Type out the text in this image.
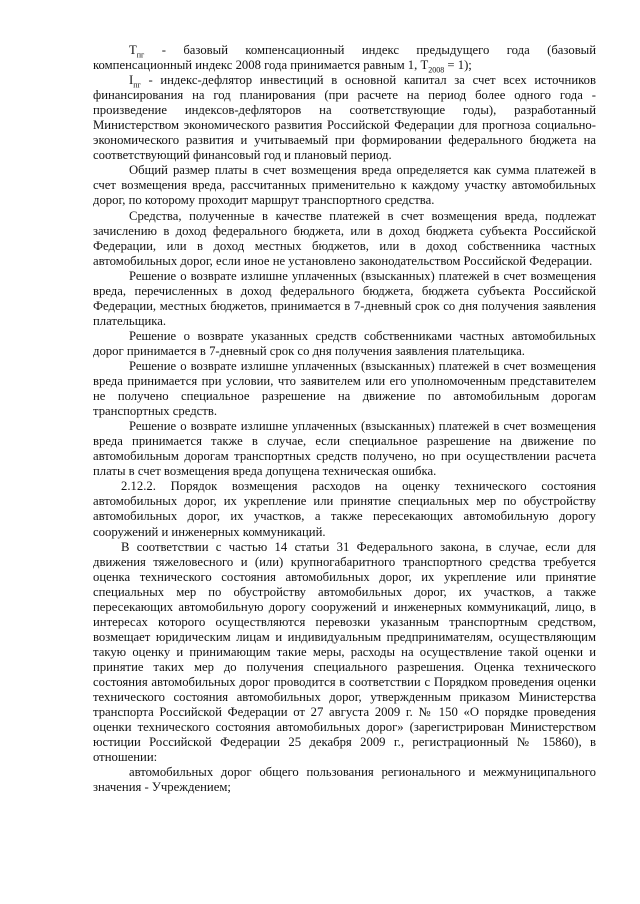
$Т_{пг}$ - базовый компенсационный индекс предыдущего года (базовый компенсационный индекс 2008 года принимается равным 1, $Т_{2008} = 1$);

$I_{пг}$ - индекс-дефлятор инвестиций в основной капитал за счет всех источников финансирования на год планирования (при расчете на период более одного года - произведение индексов-дефляторов на соответствующие годы), разработанный Министерством экономического развития Российской Федерации для прогноза социально-экономического развития и учитываемый при формировании федерального бюджета на соответствующий финансовый год и плановый период.

Общий размер платы в счет возмещения вреда определяется как сумма платежей в счет возмещения вреда, рассчитанных применительно к каждому участку автомобильных дорог, по которому проходит маршрут транспортного средства.

Средства, полученные в качестве платежей в счет возмещения вреда, подлежат зачислению в доход федерального бюджета, или в доход бюджета субъекта Российской Федерации, или в доход местных бюджетов, или в доход собственника частных автомобильных дорог, если иное не установлено законодательством Российской Федерации.

Решение о возврате излишне уплаченных (взысканных) платежей в счет возмещения вреда, перечисленных в доход федерального бюджета, бюджета субъекта Российской Федерации, местных бюджетов, принимается в 7-дневный срок со дня получения заявления плательщика.

Решение о возврате указанных средств собственниками частных автомобильных дорог принимается в 7-дневный срок со дня получения заявления плательщика.

Решение о возврате излишне уплаченных (взысканных) платежей в счет возмещения вреда принимается при условии, что заявителем или его уполномоченным представителем не получено специальное разрешение на движение по автомобильным дорогам транспортных средств.

Решение о возврате излишне уплаченных (взысканных) платежей в счет возмещения вреда принимается также в случае, если специальное разрешение на движение по автомобильным дорогам транспортных средств получено, но при осуществлении расчета платы в счет возмещения вреда допущена техническая ошибка.

2.12.2. Порядок возмещения расходов на оценку технического состояния автомобильных дорог, их укрепление или принятие специальных мер по обустройству автомобильных дорог, их участков, а также пересекающих автомобильную дорогу сооружений и инженерных коммуникаций.

В соответствии с частью 14 статьи 31 Федерального закона, в случае, если для движения тяжеловесного и (или) крупногабаритного транспортного средства требуется оценка технического состояния автомобильных дорог, их укрепление или принятие специальных мер по обустройству автомобильных дорог, их участков, а также пересекающих автомобильную дорогу сооружений и инженерных коммуникаций, лицо, в интересах которого осуществляются перевозки указанным транспортным средством, возмещает юридическим лицам и индивидуальным предпринимателям, осуществляющим такую оценку и принимающим такие меры, расходы на осуществление такой оценки и принятие таких мер до получения специального разрешения. Оценка технического состояния автомобильных дорог проводится в соответствии с Порядком проведения оценки технического состояния автомобильных дорог, утвержденным приказом Министерства транспорта Российской Федерации от 27 августа 2009 г. № 150 «О порядке проведения оценки технического состояния автомобильных дорог» (зарегистрирован Министерством юстиции Российской Федерации 25 декабря 2009 г., регистрационный № 15860), в отношении:

автомобильных дорог общего пользования регионального и межмуниципального значения - Учреждением;
